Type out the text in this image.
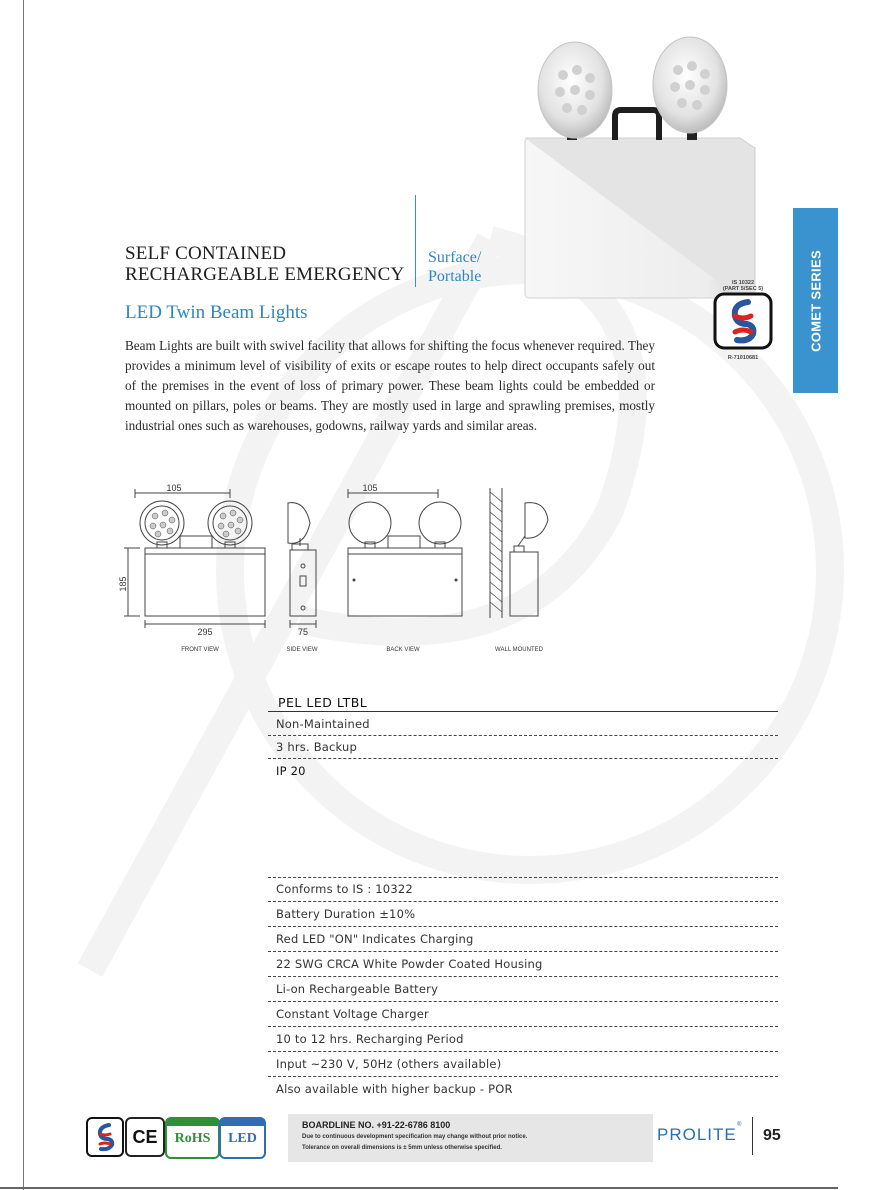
SELF CONTAINED
RECHARGEABLE EMERGENCY
Surface/
Portable
LED Twin Beam Lights
IS 10322
(PART 5/SEC 5)
R-71010681
COMET SERIES
Beam Lights are built with swivel facility that allows for shifting the focus whenever required. They provides a minimum level of visibility of exits or escape routes to help direct occupants safely out of the premises in the event of loss of primary power. These beam lights could be embedded or mounted on pillars, poles or beams. They are mostly used in large and sprawling premises, mostly industrial ones such as warehouses, godowns, railway yards and similar areas.
105
185
295	75
105
FRONT VIEW	SIDE VIEW	BACK VIEW	WALL MOUNTED
PEL LED LTBL
Non-Maintained
3 hrs. Backup
IP 20
Conforms to IS : 10322
Battery Duration ±10%
Red LED "ON" Indicates Charging
22 SWG CRCA White Powder Coated Housing
Li-on Rechargeable Battery
Constant Voltage Charger
10 to 12 hrs. Recharging Period
Input ~230 V, 50Hz (others available)
Also available with higher backup - POR
CE	RoHS	LED
BOARDLINE NO. +91-22-6786 8100
Due to continuous development specification may change without prior notice.
Tolerance on overall dimensions is ± 5mm unless otherwise specified.
PROLITE ®
95
